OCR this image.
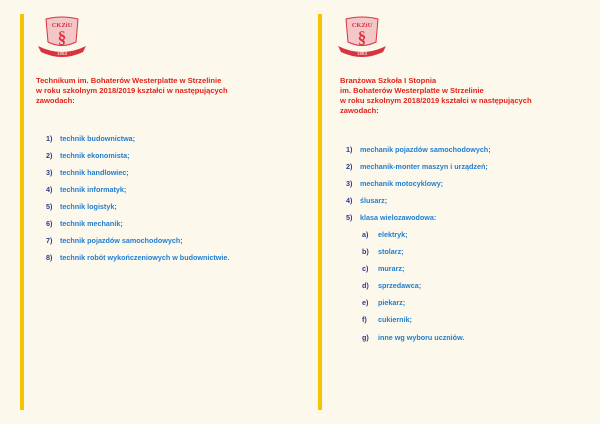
CKZiU
§
1963
Technikum im. Bohaterów Westerplatte w Strzelinie
w roku szkolnym 2018/2019 kształci w następujących
zawodach:
1) technik budownictwa;
2) technik ekonomista;
3) technik handlowiec;
4) technik informatyk;
5) technik logistyk;
6) technik mechanik;
7) technik pojazdów samochodowych;
8) technik robót wykończeniowych w budownictwie.
CKZiU
§
1963
Branżowa Szkoła I Stopnia
im. Bohaterów Westerplatte w Strzelinie
w roku szkolnym 2018/2019 kształci w następujących
zawodach:
1) mechanik pojazdów samochodowych;
2) mechanik-monter maszyn i urządzeń;
3) mechanik motocyklowy;
4) ślusarz;
5) klasa wielozawodowa:
a) elektryk;
b) stolarz;
c) murarz;
d) sprzedawca;
e) piekarz;
f) cukiernik;
g) inne wg wyboru uczniów.
